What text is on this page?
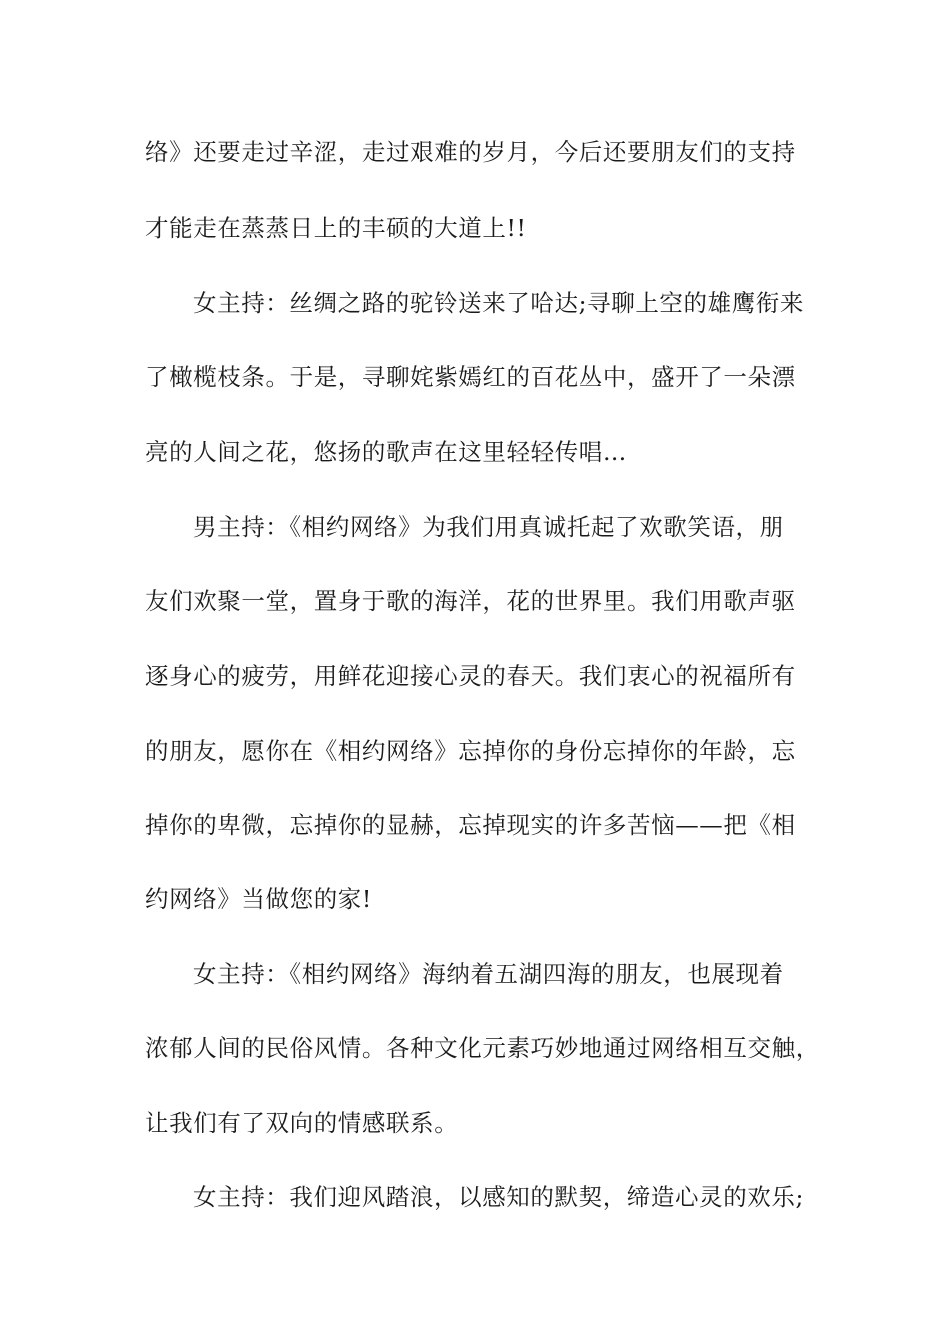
络》还要走过辛涩，走过艰难的岁月，今后还要朋友们的支持
才能走在蒸蒸日上的丰硕的大道上!!
女主持：丝绸之路的驼铃送来了哈达;寻聊上空的雄鹰衔来
了橄榄枝条。于是，寻聊姹紫嫣红的百花丛中，盛开了一朵漂
亮的人间之花，悠扬的歌声在这里轻轻传唱…
男主持：《相约网络》为我们用真诚托起了欢歌笑语，朋
友们欢聚一堂，置身于歌的海洋，花的世界里。我们用歌声驱
逐身心的疲劳，用鲜花迎接心灵的春天。我们衷心的祝福所有
的朋友，愿你在《相约网络》忘掉你的身份忘掉你的年龄，忘
掉你的卑微，忘掉你的显赫，忘掉现实的许多苦恼——把《相
约网络》当做您的家!
女主持：《相约网络》海纳着五湖四海的朋友，也展现着
浓郁人间的民俗风情。各种文化元素巧妙地通过网络相互交触，
让我们有了双向的情感联系。
女主持：我们迎风踏浪，以感知的默契，缔造心灵的欢乐;
